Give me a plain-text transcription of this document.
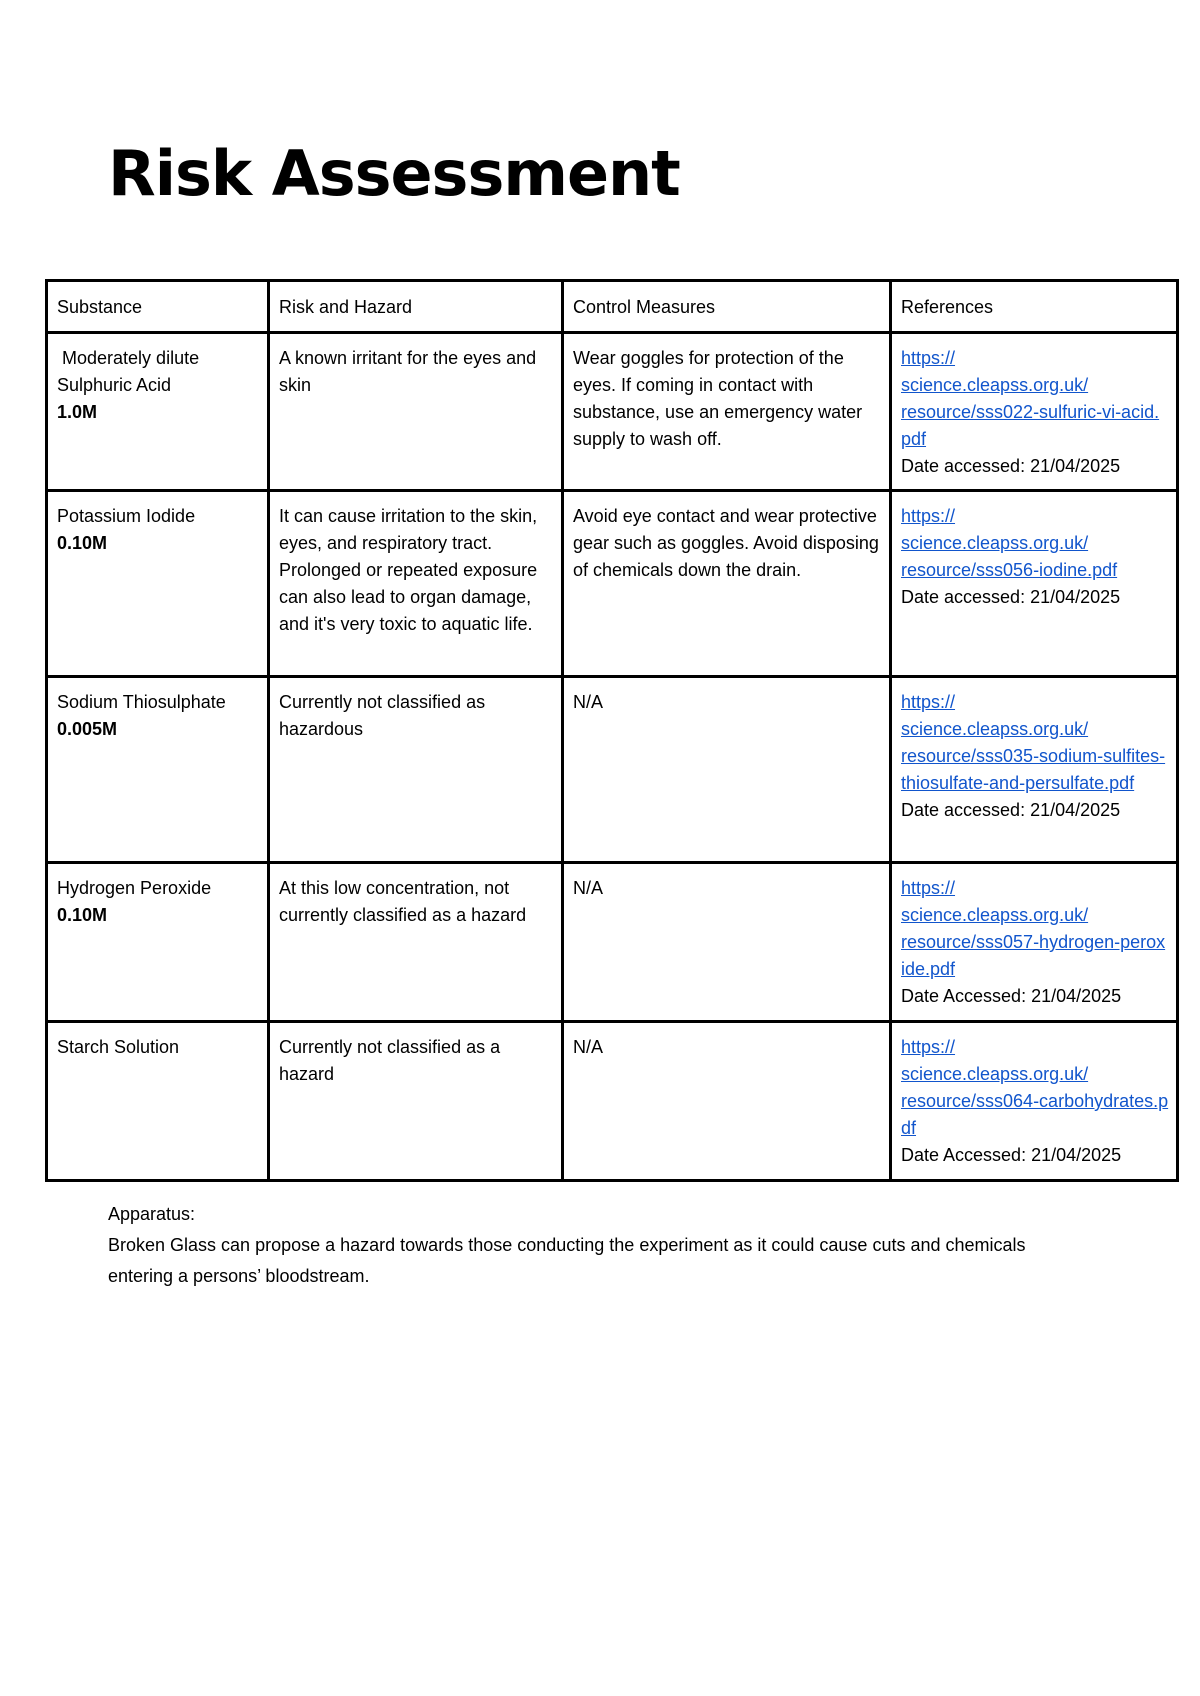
Risk Assessment
Substance	Risk and Hazard	Control Measures	References

Moderately dilute Sulphuric Acid
1.0M	A known irritant for the eyes and skin	Wear goggles for protection of the eyes. If coming in contact with substance, use an emergency water supply to wash off.	https://
science.cleapss.org.uk/
resource/sss022-sulfuric-vi-acid.pdf
Date accessed: 21/04/2025

Potassium Iodide
0.10M	It can cause irritation to the skin, eyes, and respiratory tract. Prolonged or repeated exposure can also lead to organ damage, and it's very toxic to aquatic life.	Avoid eye contact and wear protective gear such as goggles. Avoid disposing of chemicals down the drain.	https://
science.cleapss.org.uk/
resource/sss056-iodine.pdf
Date accessed: 21/04/2025

Sodium Thiosulphate
0.005M	Currently not classified as hazardous	N/A	https://
science.cleapss.org.uk/
resource/sss035-sodium-sulfites-thiosulfate-and-persulfate.pdf
Date accessed: 21/04/2025

Hydrogen Peroxide
0.10M	At this low concentration, not currently classified as a hazard	N/A	https://
science.cleapss.org.uk/
resource/sss057-hydrogen-peroxide.pdf
Date Accessed: 21/04/2025

Starch Solution	Currently not classified as a hazard	N/A	https://
science.cleapss.org.uk/
resource/sss064-carbohydrates.pdf
Date Accessed: 21/04/2025
Apparatus:
Broken Glass can propose a hazard towards those conducting the experiment as it could cause cuts and chemicals entering a persons’ bloodstream.
